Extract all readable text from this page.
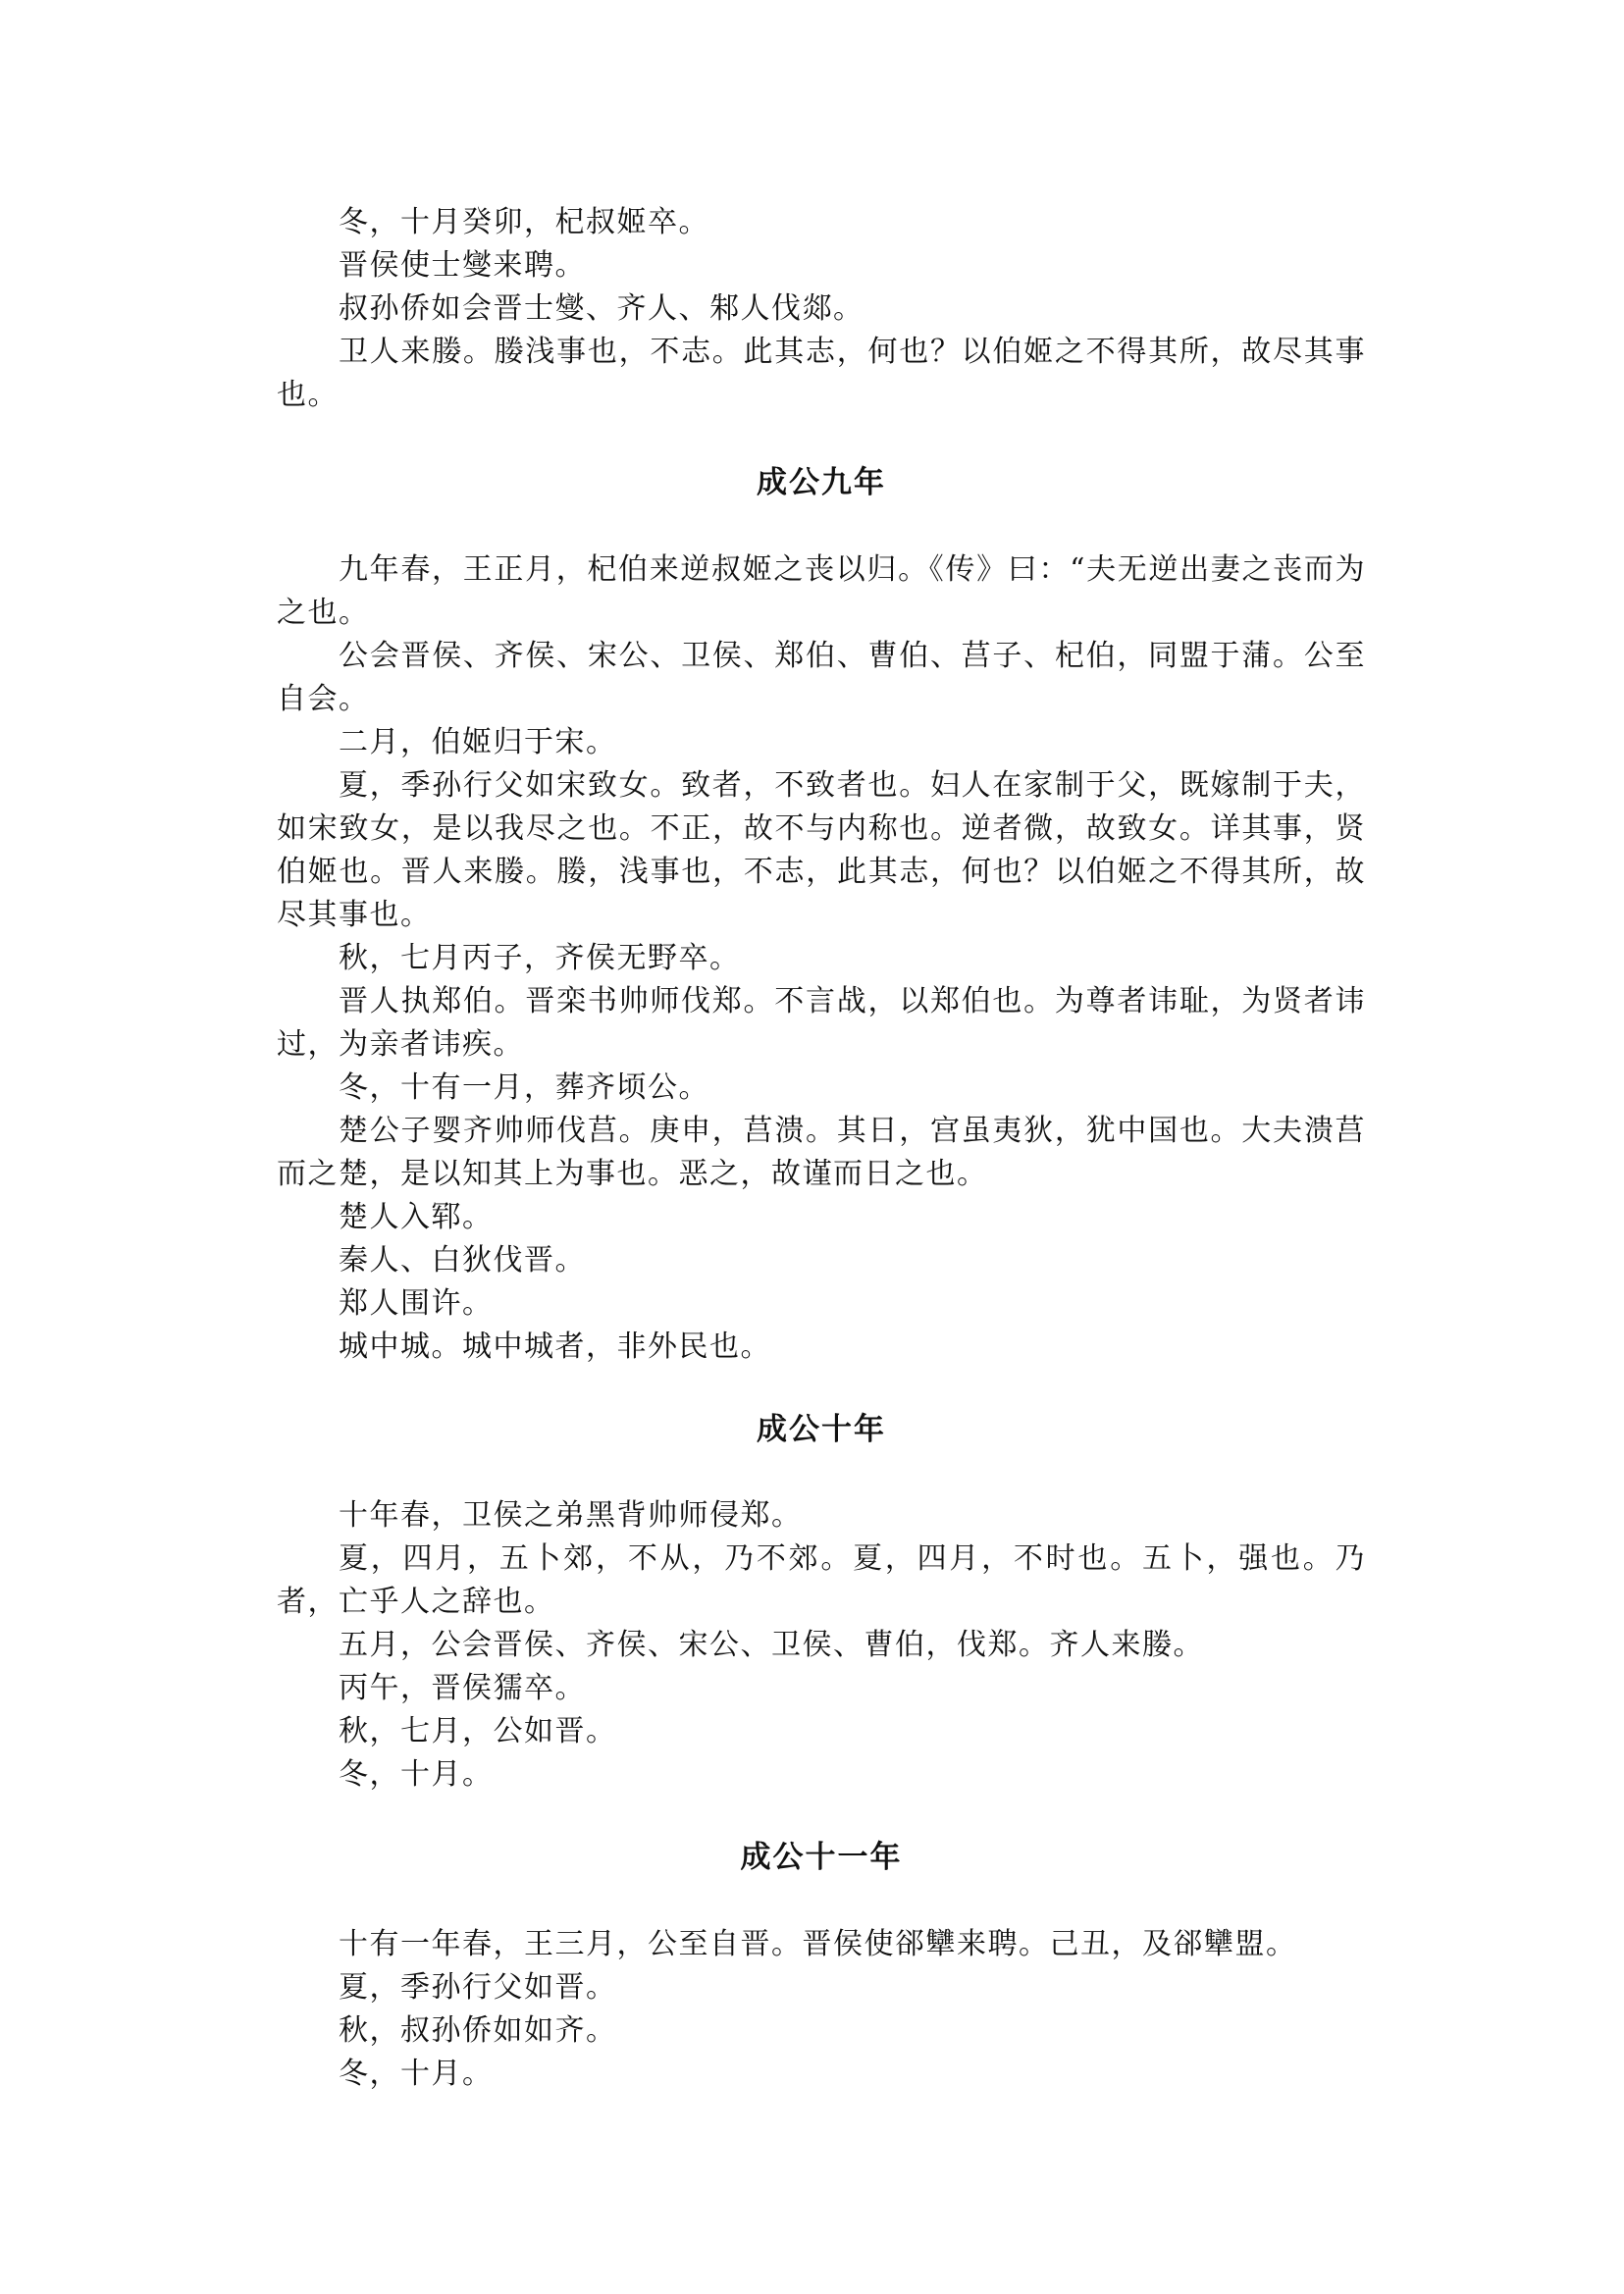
冬，十月癸卯，杞叔姬卒。

晋侯使士燮来聘。

叔孙侨如会晋士燮、齐人、邾人伐郯。

卫人来媵。媵浅事也，不志。此其志，何也？以伯姬之不得其所，故尽其事也。

成公九年

九年春，王正月，杞伯来逆叔姬之丧以归。《传》曰：“夫无逆出妻之丧而为之也。

公会晋侯、齐侯、宋公、卫侯、郑伯、曹伯、莒子、杞伯，同盟于蒲。公至自会。

二月，伯姬归于宋。

夏，季孙行父如宋致女。致者，不致者也。妇人在家制于父，既嫁制于夫，如宋致女，是以我尽之也。不正，故不与内称也。逆者微，故致女。详其事，贤伯姬也。晋人来媵。媵，浅事也，不志，此其志，何也？以伯姬之不得其所，故尽其事也。

秋，七月丙子，齐侯无野卒。

晋人执郑伯。晋栾书帅师伐郑。不言战，以郑伯也。为尊者讳耻，为贤者讳过，为亲者讳疾。

冬，十有一月，葬齐顷公。

楚公子婴齐帅师伐莒。庚申，莒溃。其日，宫虽夷狄，犹中国也。大夫溃莒而之楚，是以知其上为事也。恶之，故谨而日之也。

楚人入郓。

秦人、白狄伐晋。

郑人围许。

城中城。城中城者，非外民也。

成公十年

十年春，卫侯之弟黑背帅师侵郑。

夏，四月，五卜郊，不从，乃不郊。夏，四月，不时也。五卜，强也。乃者，亡乎人之辞也。

五月，公会晋侯、齐侯、宋公、卫侯、曹伯，伐郑。齐人来媵。

丙午，晋侯獳卒。

秋，七月，公如晋。

冬，十月。

成公十一年

十有一年春，王三月，公至自晋。晋侯使郤犫来聘。己丑，及郤犫盟。

夏，季孙行父如晋。

秋，叔孙侨如如齐。

冬，十月。
